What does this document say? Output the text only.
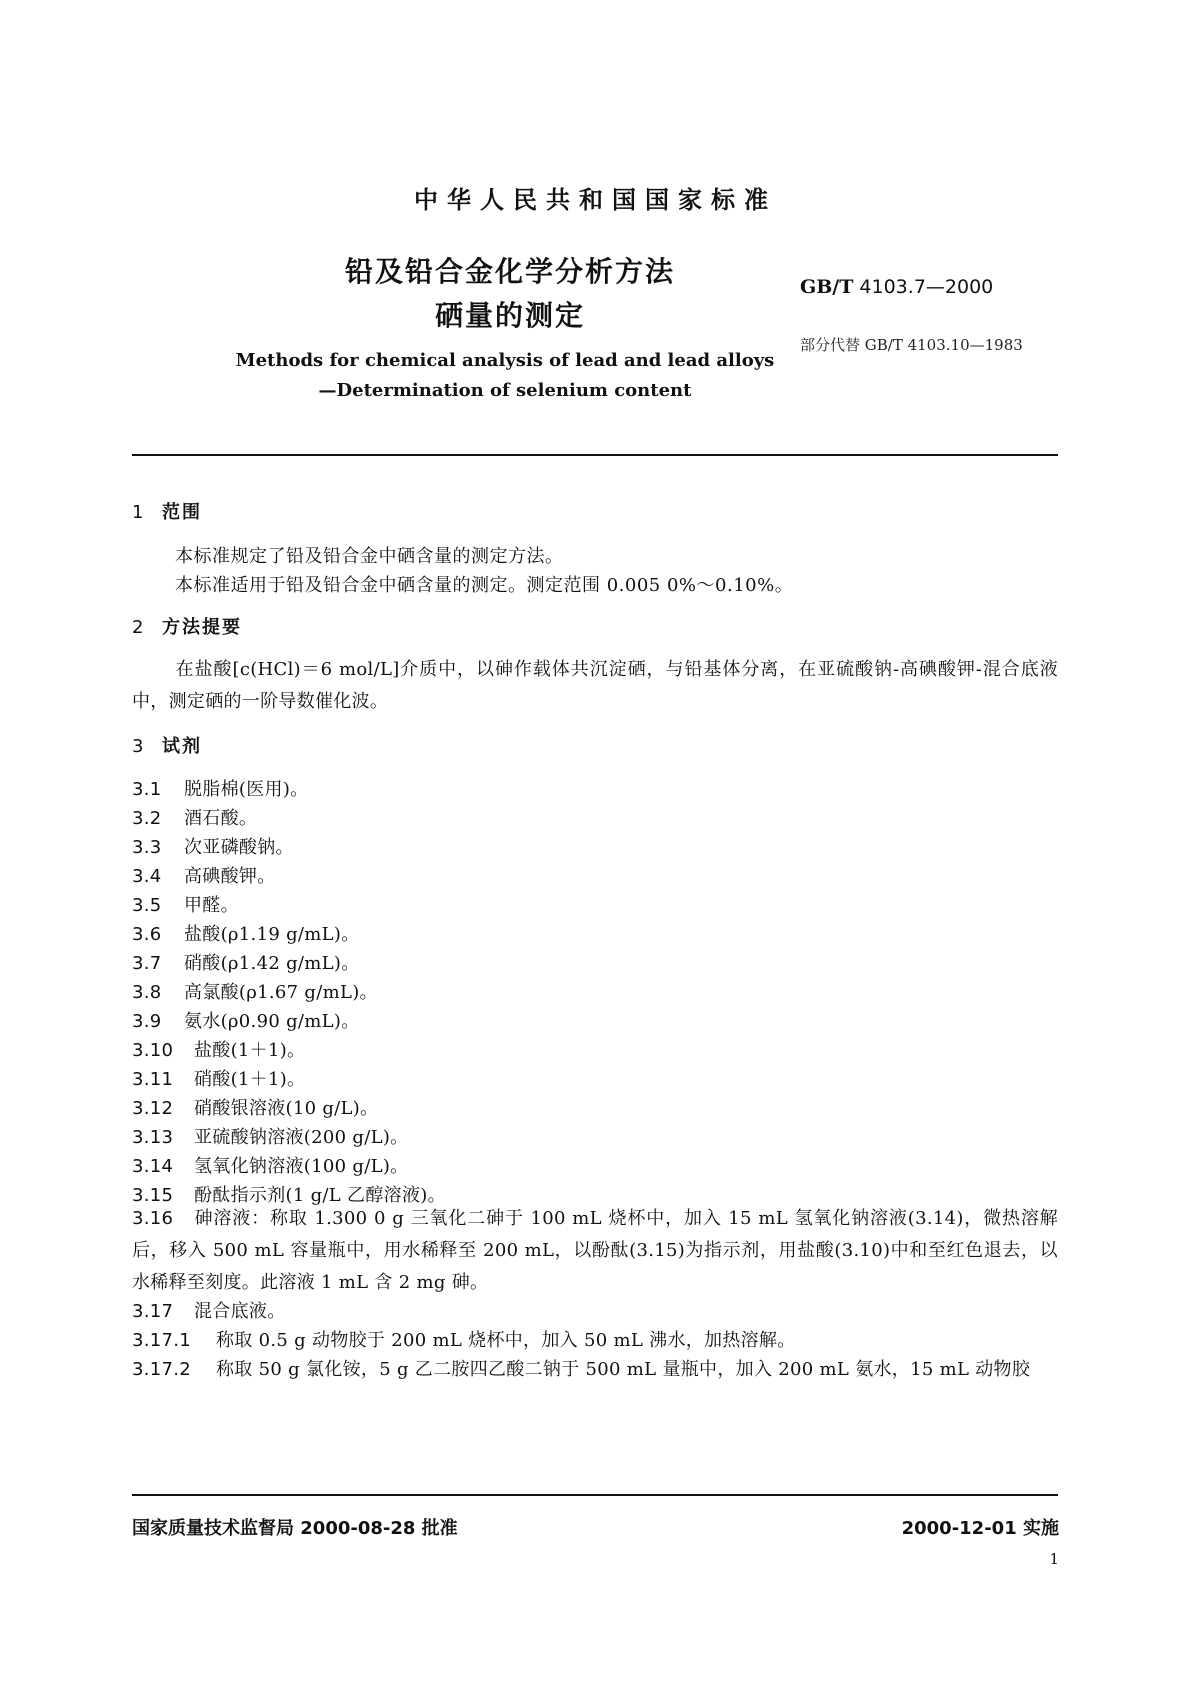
中华人民共和国国家标准
铅及铅合金化学分析方法
硒量的测定
GB/T 4103.7—2000
部分代替 GB/T 4103.10—1983
Methods for chemical analysis of lead and lead alloys
—Determination of selenium content
1 范围
本标准规定了铅及铅合金中硒含量的测定方法。
本标准适用于铅及铅合金中硒含量的测定。测定范围 0.005 0%～0.10%。
2 方法提要
在盐酸[c(HCl)＝6 mol/L]介质中，以砷作载体共沉淀硒，与铅基体分离，在亚硫酸钠-高碘酸钾-混合底液中，测定硒的一阶导数催化波。
3 试剂
3.1 脱脂棉(医用)。
3.2 酒石酸。
3.3 次亚磷酸钠。
3.4 高碘酸钾。
3.5 甲醛。
3.6 盐酸(ρ1.19 g/mL)。
3.7 硝酸(ρ1.42 g/mL)。
3.8 高氯酸(ρ1.67 g/mL)。
3.9 氨水(ρ0.90 g/mL)。
3.10 盐酸(1＋1)。
3.11 硝酸(1＋1)。
3.12 硝酸银溶液(10 g/L)。
3.13 亚硫酸钠溶液(200 g/L)。
3.14 氢氧化钠溶液(100 g/L)。
3.15 酚酞指示剂(1 g/L 乙醇溶液)。
3.16 砷溶液：称取 1.300 0 g 三氧化二砷于 100 mL 烧杯中，加入 15 mL 氢氧化钠溶液(3.14)，微热溶解后，移入 500 mL 容量瓶中，用水稀释至 200 mL，以酚酞(3.15)为指示剂，用盐酸(3.10)中和至红色退去，以水稀释至刻度。此溶液 1 mL 含 2 mg 砷。
3.17 混合底液。
3.17.1 称取 0.5 g 动物胶于 200 mL 烧杯中，加入 50 mL 沸水，加热溶解。
3.17.2 称取 50 g 氯化铵，5 g 乙二胺四乙酸二钠于 500 mL 量瓶中，加入 200 mL 氨水，15 mL 动物胶
国家质量技术监督局 2000-08-28 批准	2000-12-01 实施
1
